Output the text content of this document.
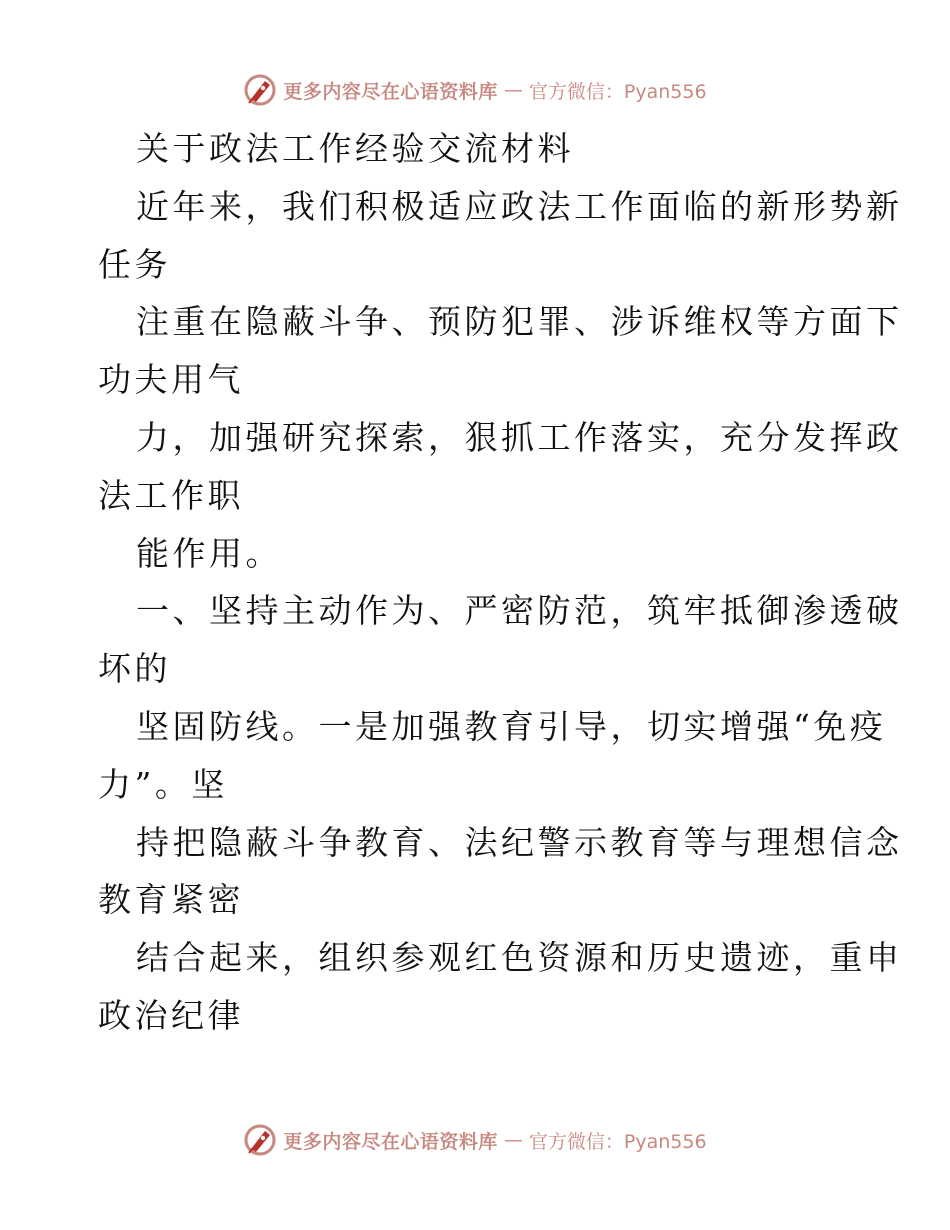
更多内容尽在心语资料库 — 官方微信：Pyan556
关于政法工作经验交流材料
近年来，我们积极适应政法工作面临的新形势新
任务
注重在隐蔽斗争、预防犯罪、涉诉维权等方面下
功夫用气
力，加强研究探索，狠抓工作落实，充分发挥政
法工作职
能作用。
一、坚持主动作为、严密防范，筑牢抵御渗透破
坏的
坚固防线。一是加强教育引导，切实增强“免疫
力”。坚
持把隐蔽斗争教育、法纪警示教育等与理想信念
教育紧密
结合起来，组织参观红色资源和历史遗迹，重申
政治纪律
更多内容尽在心语资料库 — 官方微信：Pyan556
